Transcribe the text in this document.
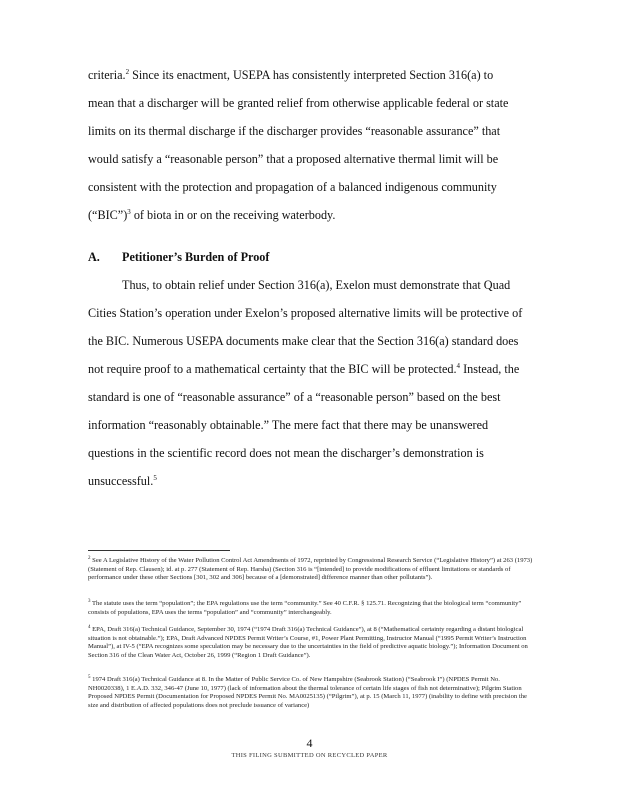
criteria.$^2$ Since its enactment, USEPA has consistently interpreted Section 316(a) to
mean that a discharger will be granted relief from otherwise applicable federal or state
limits on its thermal discharge if the discharger provides “reasonable assurance” that
would satisfy a “reasonable person” that a proposed alternative thermal limit will be
consistent with the protection and propagation of a balanced indigenous community
(“BIC”)$^3$ of biota in or on the receiving waterbody.
A. Petitioner’s Burden of Proof
Thus, to obtain relief under Section 316(a), Exelon must demonstrate that Quad
Cities Station’s operation under Exelon’s proposed alternative limits will be protective of
the BIC. Numerous USEPA documents make clear that the Section 316(a) standard does
not require proof to a mathematical certainty that the BIC will be protected.$^4$ Instead, the
standard is one of “reasonable assurance” of a “reasonable person” based on the best
information “reasonably obtainable.” The mere fact that there may be unanswered
questions in the scientific record does not mean the discharger’s demonstration is
unsuccessful.$^5$
$^2$ See A Legislative History of the Water Pollution Control Act Amendments of 1972, reprinted by Congressional Research Service (“Legislative History”) at 263 (1973) (Statement of Rep. Clausen); id. at p. 277 (Statement of Rep. Harsha) (Section 316 is “[intended] to provide modifications of effluent limitations or standards of performance under these other Sections [301, 302 and 306] because of a [demonstrated] difference manner than other pollutants”).
$^3$ The statute uses the term “population”; the EPA regulations use the term “community.” See 40 C.F.R. § 125.71. Recognizing that the biological term “community” consists of populations, EPA uses the terms “population” and “community” interchangeably.
$^4$ EPA, Draft 316(a) Technical Guidance, September 30, 1974 (“1974 Draft 316(a) Technical Guidance”), at 8 (“Mathematical certainty regarding a distant biological situation is not obtainable.”); EPA, Draft Advanced NPDES Permit Writer’s Course, #1, Power Plant Permitting, Instructor Manual (“1995 Permit Writer’s Instruction Manual”), at IV-5 (“EPA recognizes some speculation may be necessary due to the uncertainties in the field of predictive aquatic biology.”); Information Document on Section 316 of the Clean Water Act, October 26, 1999 (“Region 1 Draft Guidance”).
$^5$ 1974 Draft 316(a) Technical Guidance at 8. In the Matter of Public Service Co. of New Hampshire (Seabrook Station) (“Seabrook I”) (NPDES Permit No. NH0020338), 1 E.A.D. 332, 346-47 (June 10, 1977) (lack of information about the thermal tolerance of certain life stages of fish not determinative); Pilgrim Station Proposed NPDES Permit (Documentation for Proposed NPDES Permit No. MA0025135) (“Pilgrim”), at p. 15 (March 11, 1977) (inability to define with precision the size and distribution of affected populations does not preclude issuance of variance)
4
THIS FILING SUBMITTED ON RECYCLED PAPER
